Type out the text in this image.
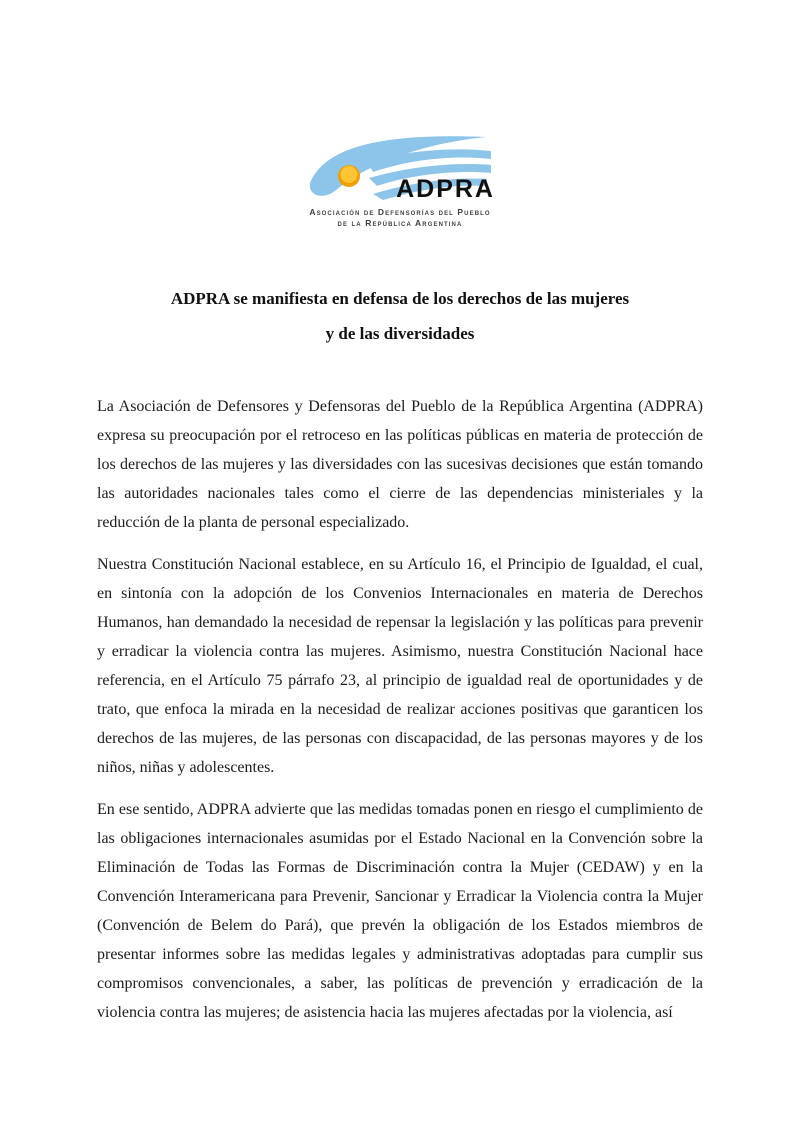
ADPRA
Asociación de Defensorías del Pueblo
de la República Argentina
ADPRA se manifiesta en defensa de los derechos de las mujeres
y de las diversidades

La Asociación de Defensores y Defensoras del Pueblo de la República Argentina (ADPRA) expresa su preocupación por el retroceso en las políticas públicas en materia de protección de los derechos de las mujeres y las diversidades con las sucesivas decisiones que están tomando las autoridades nacionales tales como el cierre de las dependencias ministeriales y la reducción de la planta de personal especializado.

Nuestra Constitución Nacional establece, en su Artículo 16, el Principio de Igualdad, el cual, en sintonía con la adopción de los Convenios Internacionales en materia de Derechos Humanos, han demandado la necesidad de repensar la legislación y las políticas para prevenir y erradicar la violencia contra las mujeres. Asimismo, nuestra Constitución Nacional hace referencia, en el Artículo 75 párrafo 23, al principio de igualdad real de oportunidades y de trato, que enfoca la mirada en la necesidad de realizar acciones positivas que garanticen los derechos de las mujeres, de las personas con discapacidad, de las personas mayores y de los niños, niñas y adolescentes.

En ese sentido, ADPRA advierte que las medidas tomadas ponen en riesgo el cumplimiento de las obligaciones internacionales asumidas por el Estado Nacional en la Convención sobre la Eliminación de Todas las Formas de Discriminación contra la Mujer (CEDAW) y en la Convención Interamericana para Prevenir, Sancionar y Erradicar la Violencia contra la Mujer (Convención de Belem do Pará), que prevén la obligación de los Estados miembros de presentar informes sobre las medidas legales y administrativas adoptadas para cumplir sus compromisos convencionales, a saber, las políticas de prevención y erradicación de la violencia contra las mujeres; de asistencia hacia las mujeres afectadas por la violencia, así
